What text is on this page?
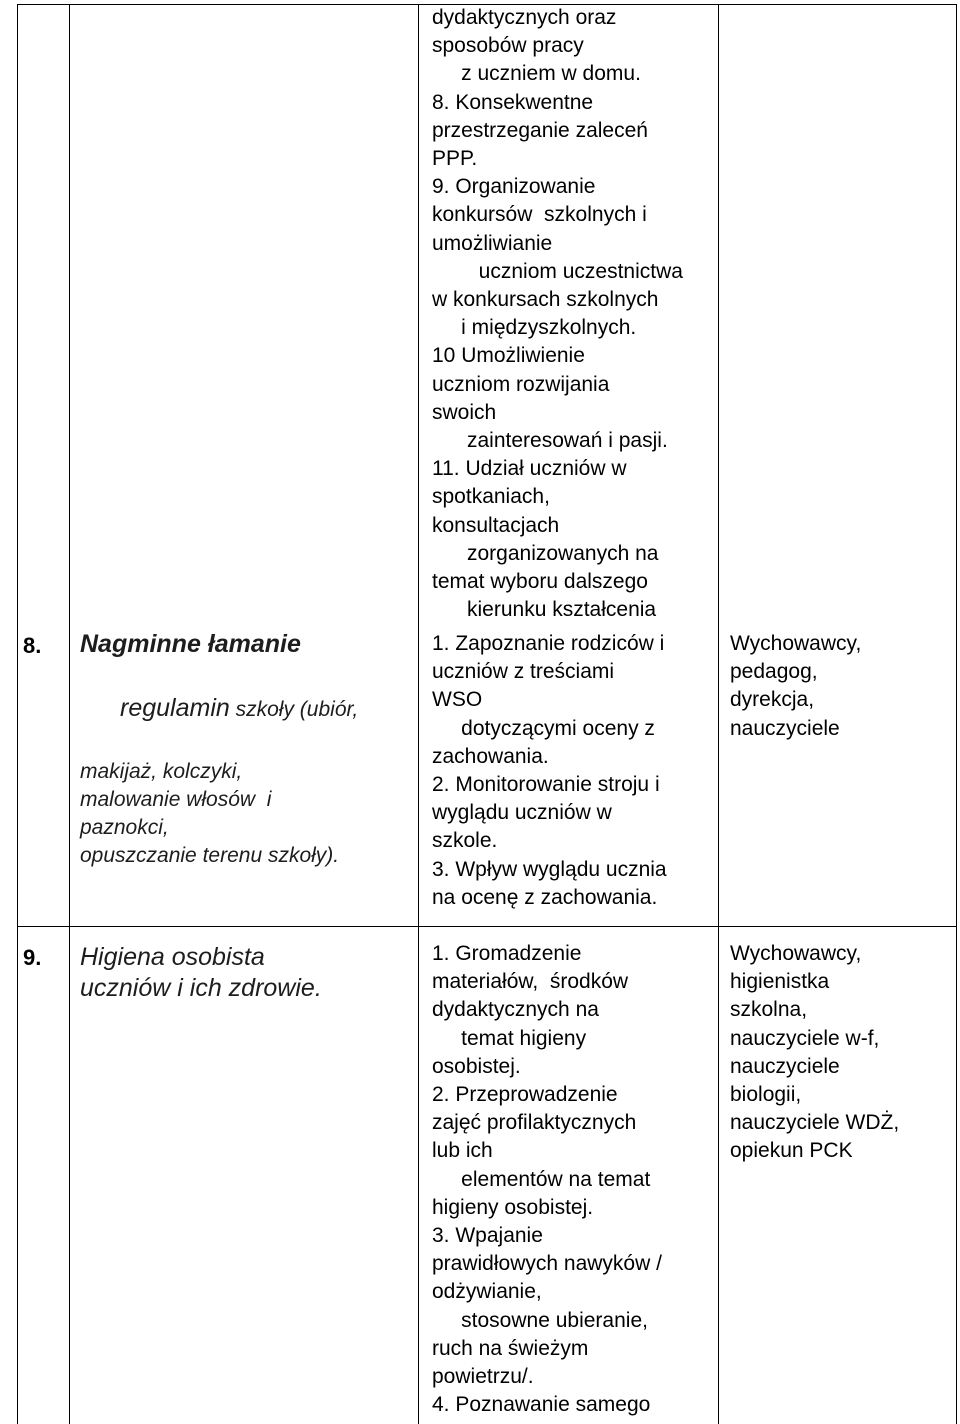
dydaktycznych oraz
sposobów pracy
z uczniem w domu.
8. Konsekwentne
przestrzeganie zaleceń
PPP.
9. Organizowanie
konkursów  szkolnych i
umożliwianie
uczniom uczestnictwa
w konkursach szkolnych
i międzyszkolnych.
10 Umożliwienie
uczniom rozwijania
swoich
zainteresowań i pasji.
11. Udział uczniów w
spotkaniach,
konsultacjach
zorganizowanych na
temat wyboru dalszego
kierunku kształcenia
8. Nagminne łamanie

regulamin szkoły (ubiór,

makijaż, kolczyki,
malowanie włosów  i
paznokci,
opuszczanie terenu szkoły).
1. Zapoznanie rodziców i
uczniów z treściami
WSO
dotyczącymi oceny z
zachowania.
2. Monitorowanie stroju i
wyglądu uczniów w
szkole.
3. Wpływ wyglądu ucznia
na ocenę z zachowania.
Wychowawcy,
pedagog,
dyrekcja,
nauczyciele
9. Higiena osobista
uczniów i ich zdrowie.
1. Gromadzenie
materiałów,  środków
dydaktycznych na
temat higieny
osobistej.
2. Przeprowadzenie
zajęć profilaktycznych
lub ich
elementów na temat
higieny osobistej.
3. Wpajanie
prawidłowych nawyków /
odżywianie,
stosowne ubieranie,
ruch na świeżym
powietrzu/.
4. Poznawanie samego
Wychowawcy,
higienistka
szkolna,
nauczyciele w-f,
nauczyciele
biologii,
nauczyciele WDŻ,
opiekun PCK
